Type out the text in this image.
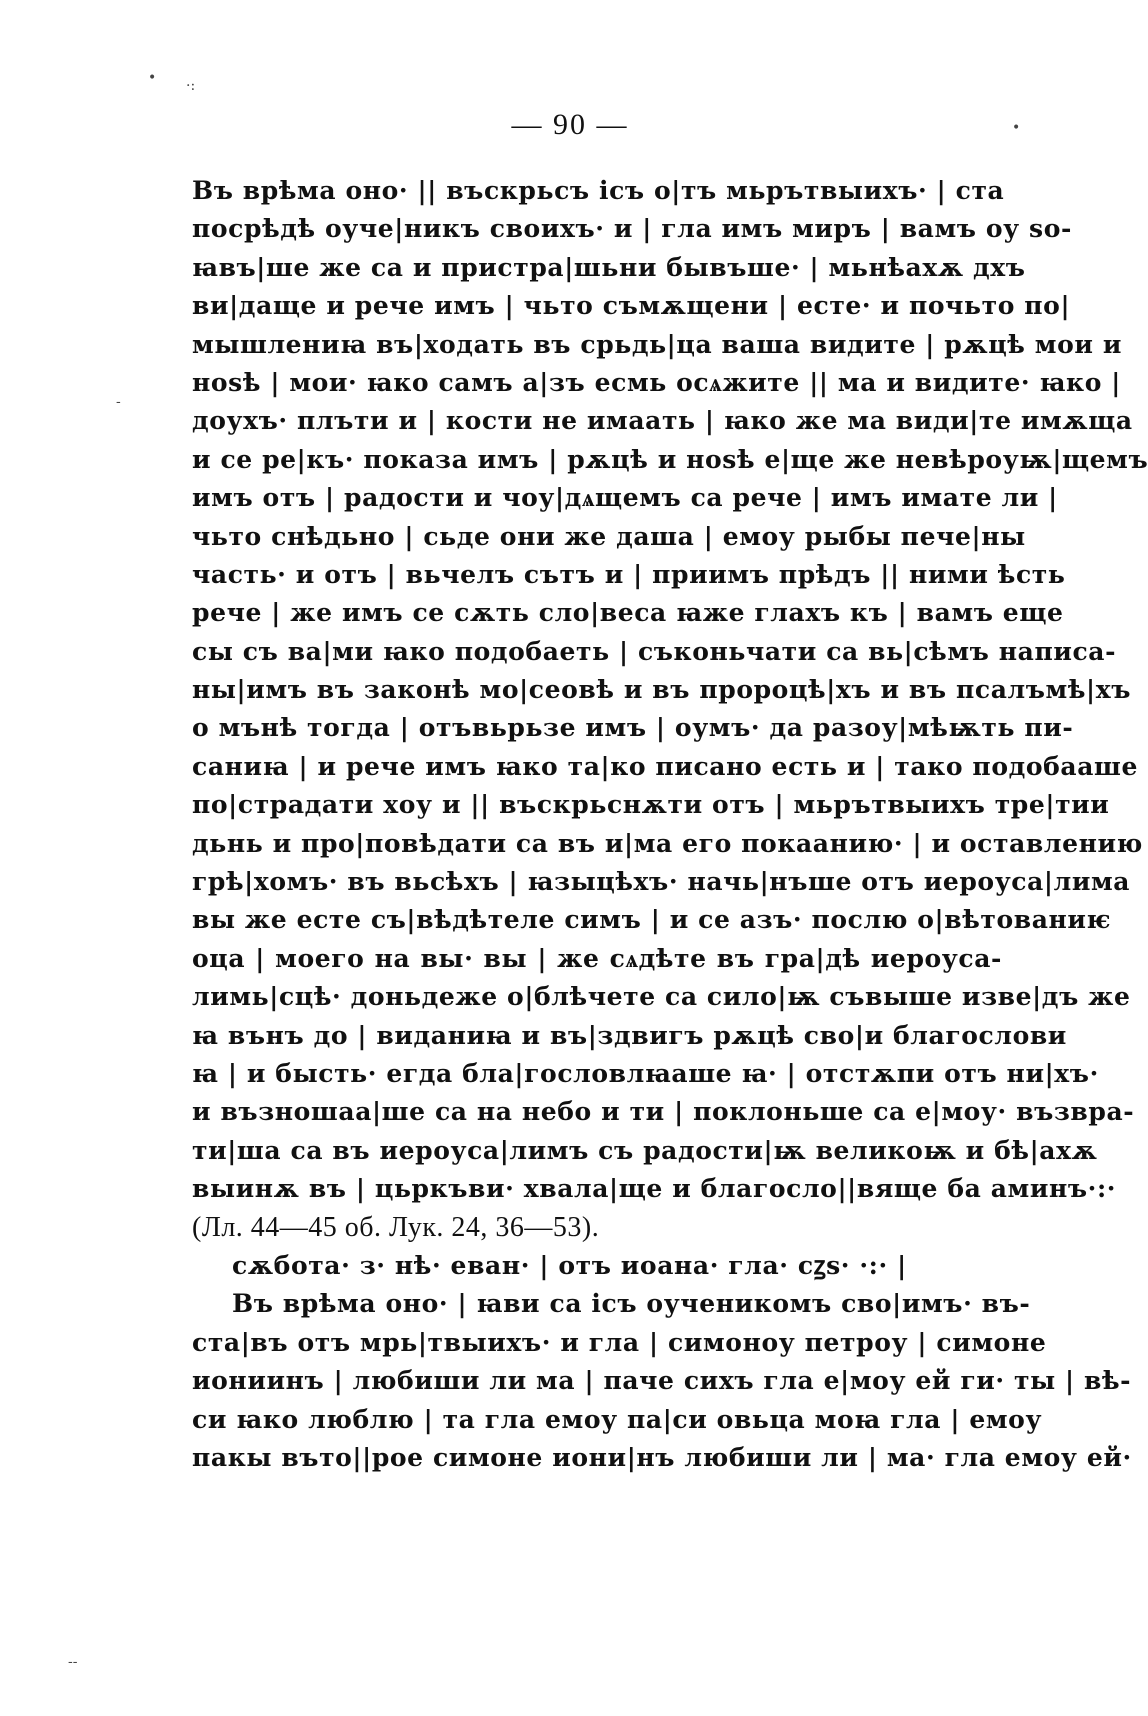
• ·:
•
-
--
— 90 —
Въ врѣма оно· || въскрьсъ ісъ о|тъ мьрътвыихъ· | ста
посрѣдѣ оуче|никъ своихъ· и | гла имъ миръ | вамъ оу ѕо-
ꙗвъ|ше же са и пристра|шьни бывъше· | мьнѣахѫ дхъ
ви|даще и рече имъ | чьто съмѫщени | есте· и почьто по|
мышлениꙗ въ|ходать въ срьдь|ца ваша видите | рѫцѣ мои и
ноѕѣ | мои· ꙗко самъ а|зъ есмь осѧжите || ма и видите· ꙗко |
доухъ· плъти и | кости не имаать | ꙗко же ма види|те имѫща
и се ре|къ· показа имъ | рѫцѣ и ноѕѣ е|ще же невѣроуѭ|щемъ
имъ отъ | радости и чоу|дѧщемъ са рече | имъ имате ли |
чьто снѣдьно | сьде они же даша | емоу рыбы пече|ны
часть· и отъ | вьчелъ сътъ и | приимъ прѣдъ || ними ѣсть
рече | же имъ се сѫть сло|веса ꙗже глахъ къ | вамъ еще
сы съ ва|ми ꙗко подобаеть | съконьчати са вь|сѣмъ написа-
ны|имъ въ законѣ мо|сеовѣ и въ пророцѣ|хъ и въ псалъмѣ|хъ
о мънѣ тогда | отъвьрьзе имъ | оумъ· да разоу|мѣѭть пи-
саниꙗ | и рече имъ ꙗко та|ко писано есть и | тако подобааше
по|страдати хоу и || въскрьснѫти отъ | мьрътвыихъ тре|тии
дьнь и про|повѣдати са въ и|ма его покаанию· | и оставлению
грѣ|хомъ· въ вьсѣхъ | ꙗзыцѣхъ· начь|нъше отъ иероуса|лима
вы же есте съ|вѣдѣтеле симъ | и се азъ· послю о|вѣтованиѥ
оца | моего на вы· вы | же сѧдѣте въ гра|дѣ иероуса-
лимь|сцѣ· доньдеже о|блѣчете са сило|ѭ съвыше изве|дъ же
ꙗ вънъ до | виданиꙗ и въ|здвигъ рѫцѣ сво|и благослови
ꙗ | и бысть· егда бла|гословлꙗаше ꙗ· | отстѫпи отъ ни|хъ·
и възношаа|ше са на небо и ти | поклоньше са е|моу· възвра-
ти|ша са въ иероуса|лимъ съ радости|ѭ великоѭ и бѣ|ахѫ
выинѫ въ | цьркъви· хвала|ще и благосло||вяще ба аминъ·:·
(Лл. 44—45 об. Лук. 24, 36—53).
сѫбота· з· нѣ· еван· | отъ иоана· гла· сꙁѕ· ·:· |
Въ врѣма оно· | ꙗви са ісъ оученикомъ сво|имъ· въ-
ста|въ отъ мрь|твыихъ· и гла | симоноу петроу | симоне
иониинъ | любиши ли ма | паче сихъ гла е|моу ей ги· ты | вѣ-
си ꙗко люблю | та гла емоу па|си овьца моꙗ гла | емоу
пакы въто||рое симоне иони|нъ любиши ли | ма· гла емоу ей·
